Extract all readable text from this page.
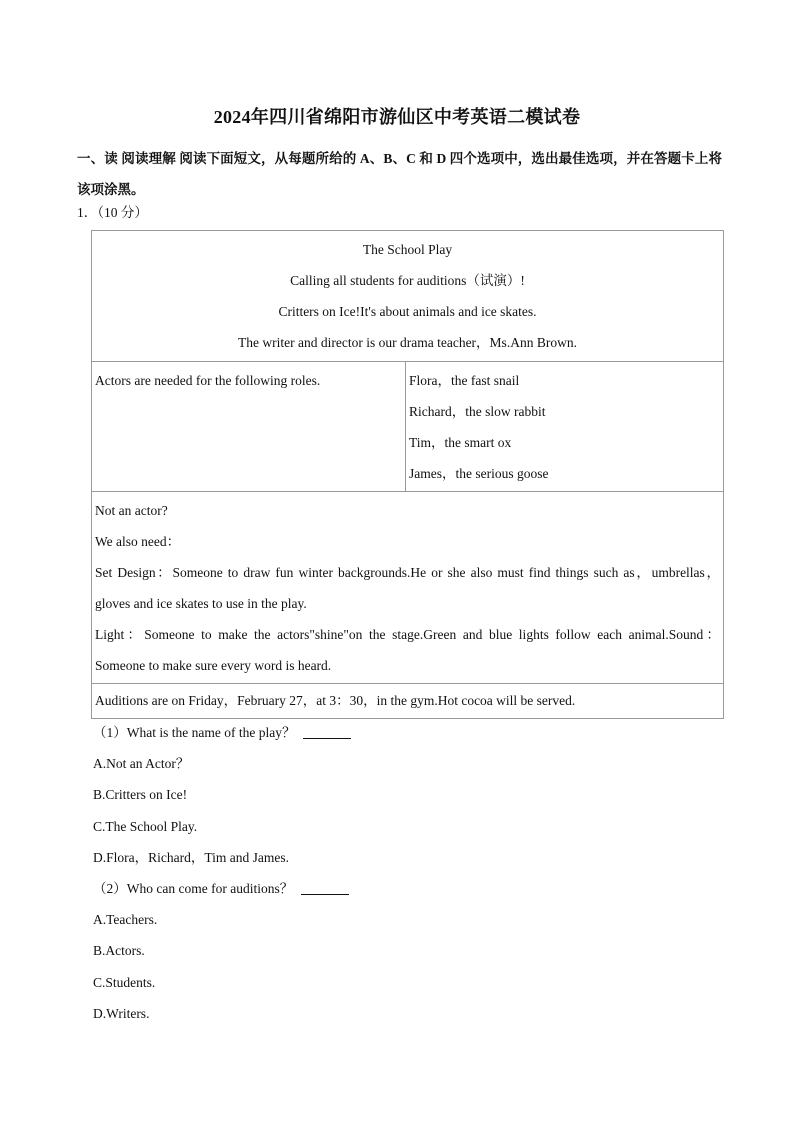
2024年四川省绵阳市游仙区中考英语二模试卷
一、读 阅读理解 阅读下面短文，从每题所给的 A、B、C 和 D 四个选项中，选出最佳选项，并在答题卡上将该项涂黑。
1．（10 分）
The School Play
Calling all students for auditions（试演）!
Critters on Ice!It's about animals and ice skates.
The writer and director is our drama teacher，Ms.Ann Brown.

Actors are needed for the following roles.	Flora，the fast snail
Richard，the slow rabbit
Tim，the smart ox
James，the serious goose

Not an actor?
We also need：
Set Design：Someone to draw fun winter backgrounds.He or she also must find things such as，umbrellas，gloves and ice skates to use in the play.
Light：Someone to make the actors"shine"on the stage.Green and blue lights follow each animal.Sound：Someone to make sure every word is heard.

Auditions are on Friday，February 27，at 3：30，in the gym.Hot cocoa will be served.
（1）What is the name of the play？
A.Not an Actor？
B.Critters on Ice!
C.The School Play.
D.Flora，Richard，Tim and James.
（2）Who can come for auditions？
A.Teachers.
B.Actors.
C.Students.
D.Writers.
